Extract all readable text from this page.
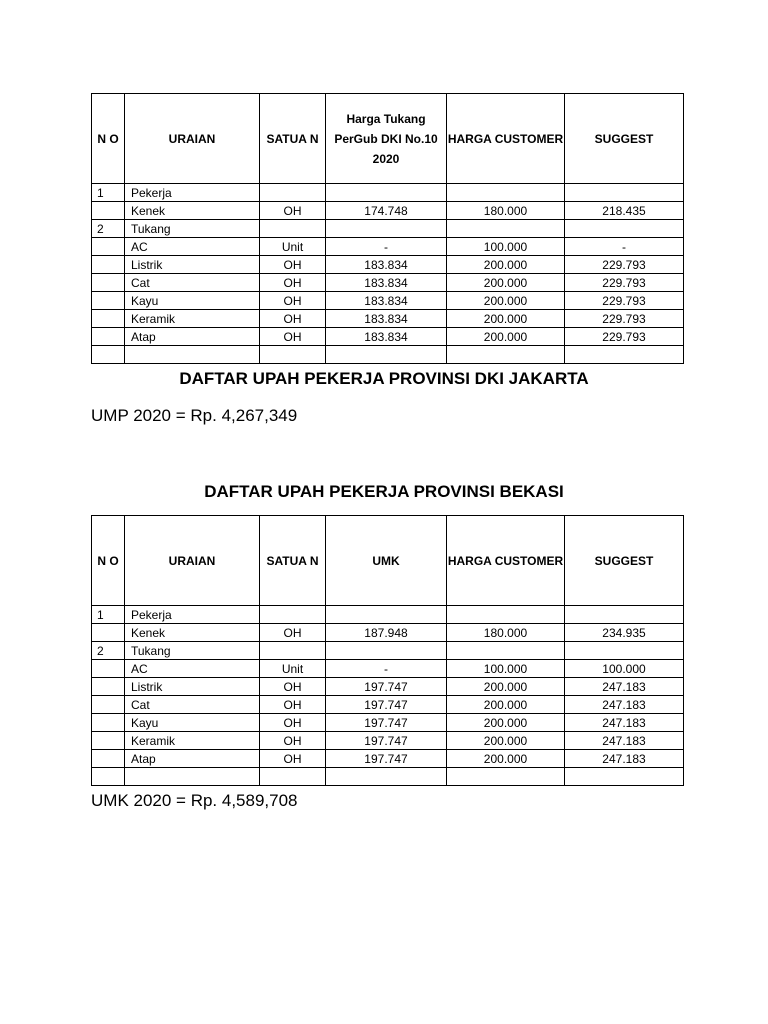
N O	URAIAN	SATUA N	Harga Tukang PerGub DKI No.10 2020	HARGA CUSTOMER	SUGGEST
1	Pekerja				
	Kenek	OH	174.748	180.000	218.435
2	Tukang				
	AC	Unit	-	100.000	-
	Listrik	OH	183.834	200.000	229.793
	Cat	OH	183.834	200.000	229.793
	Kayu	OH	183.834	200.000	229.793
	Keramik	OH	183.834	200.000	229.793
	Atap	OH	183.834	200.000	229.793

DAFTAR UPAH PEKERJA PROVINSI DKI JAKARTA
UMP 2020 = Rp. 4,267,349
DAFTAR UPAH PEKERJA PROVINSI BEKASI
N O	URAIAN	SATUA N	UMK	HARGA CUSTOMER	SUGGEST
1	Pekerja				
	Kenek	OH	187.948	180.000	234.935
2	Tukang				
	AC	Unit	-	100.000	100.000
	Listrik	OH	197.747	200.000	247.183
	Cat	OH	197.747	200.000	247.183
	Kayu	OH	197.747	200.000	247.183
	Keramik	OH	197.747	200.000	247.183
	Atap	OH	197.747	200.000	247.183

UMK 2020 = Rp. 4,589,708
